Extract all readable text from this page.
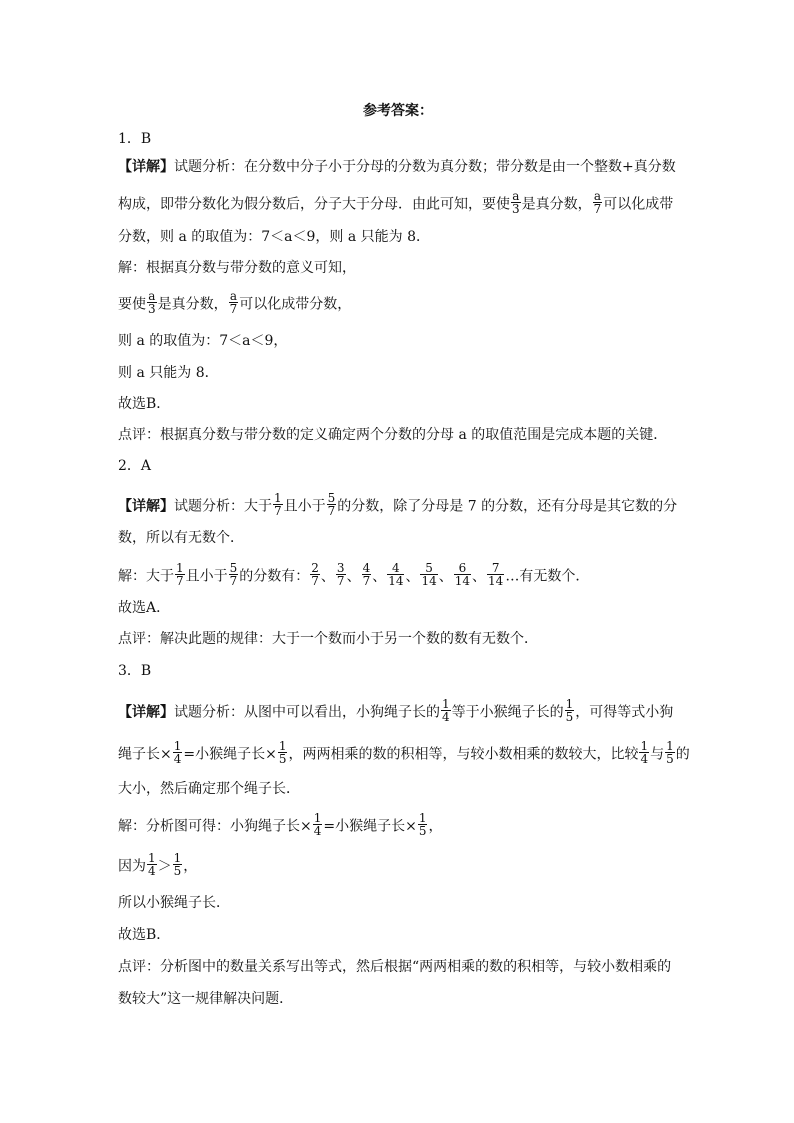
参考答案：
1．B
【详解】试题分析：在分数中分子小于分母的分数为真分数；带分数是由一个整数+真分数
构成，即带分数化为假分数后，分子大于分母．由此可知，要使 $\frac{a}{3}$ 是真分数， $\frac{a}{7}$ 可以化成带
分数，则 a 的取值为：7＜a＜9，则 a 只能为 8．
解：根据真分数与带分数的意义可知，
要使 $\frac{a}{3}$ 是真分数， $\frac{a}{7}$ 可以化成带分数，
则 a 的取值为：7＜a＜9，
则 a 只能为 8．
故选B．
点评：根据真分数与带分数的定义确定两个分数的分母 a 的取值范围是完成本题的关键．
2．A
【详解】试题分析：大于 $\frac{1}{7}$ 且小于 $\frac{5}{7}$ 的分数，除了分母是 7 的分数，还有分母是其它数的分
数，所以有无数个．
解：大于 $\frac{1}{7}$ 且小于 $\frac{5}{7}$ 的分数有： $\frac{2}{7}$ 、 $\frac{3}{7}$ 、 $\frac{4}{7}$ 、 $\frac{4}{14}$ 、 $\frac{5}{14}$ 、 $\frac{6}{14}$ 、 $\frac{7}{14}$ …有无数个．
故选A．
点评：解决此题的规律：大于一个数而小于另一个数的数有无数个．
3．B
【详解】试题分析：从图中可以看出，小狗绳子长的 $\frac{1}{4}$ 等于小猴绳子长的 $\frac{1}{5}$ ，可得等式小狗
绳子长× $\frac{1}{4}$ =小猴绳子长× $\frac{1}{5}$ ，两两相乘的数的积相等，与较小数相乘的数较大，比较 $\frac{1}{4}$ 与 $\frac{1}{5}$ 的
大小，然后确定那个绳子长．
解：分析图可得：小狗绳子长× $\frac{1}{4}$ =小猴绳子长× $\frac{1}{5}$ ，
因为 $\frac{1}{4} > \frac{1}{5}$ ，
所以小猴绳子长．
故选B．
点评：分析图中的数量关系写出等式，然后根据“两两相乘的数的积相等，与较小数相乘的
数较大”这一规律解决问题．
